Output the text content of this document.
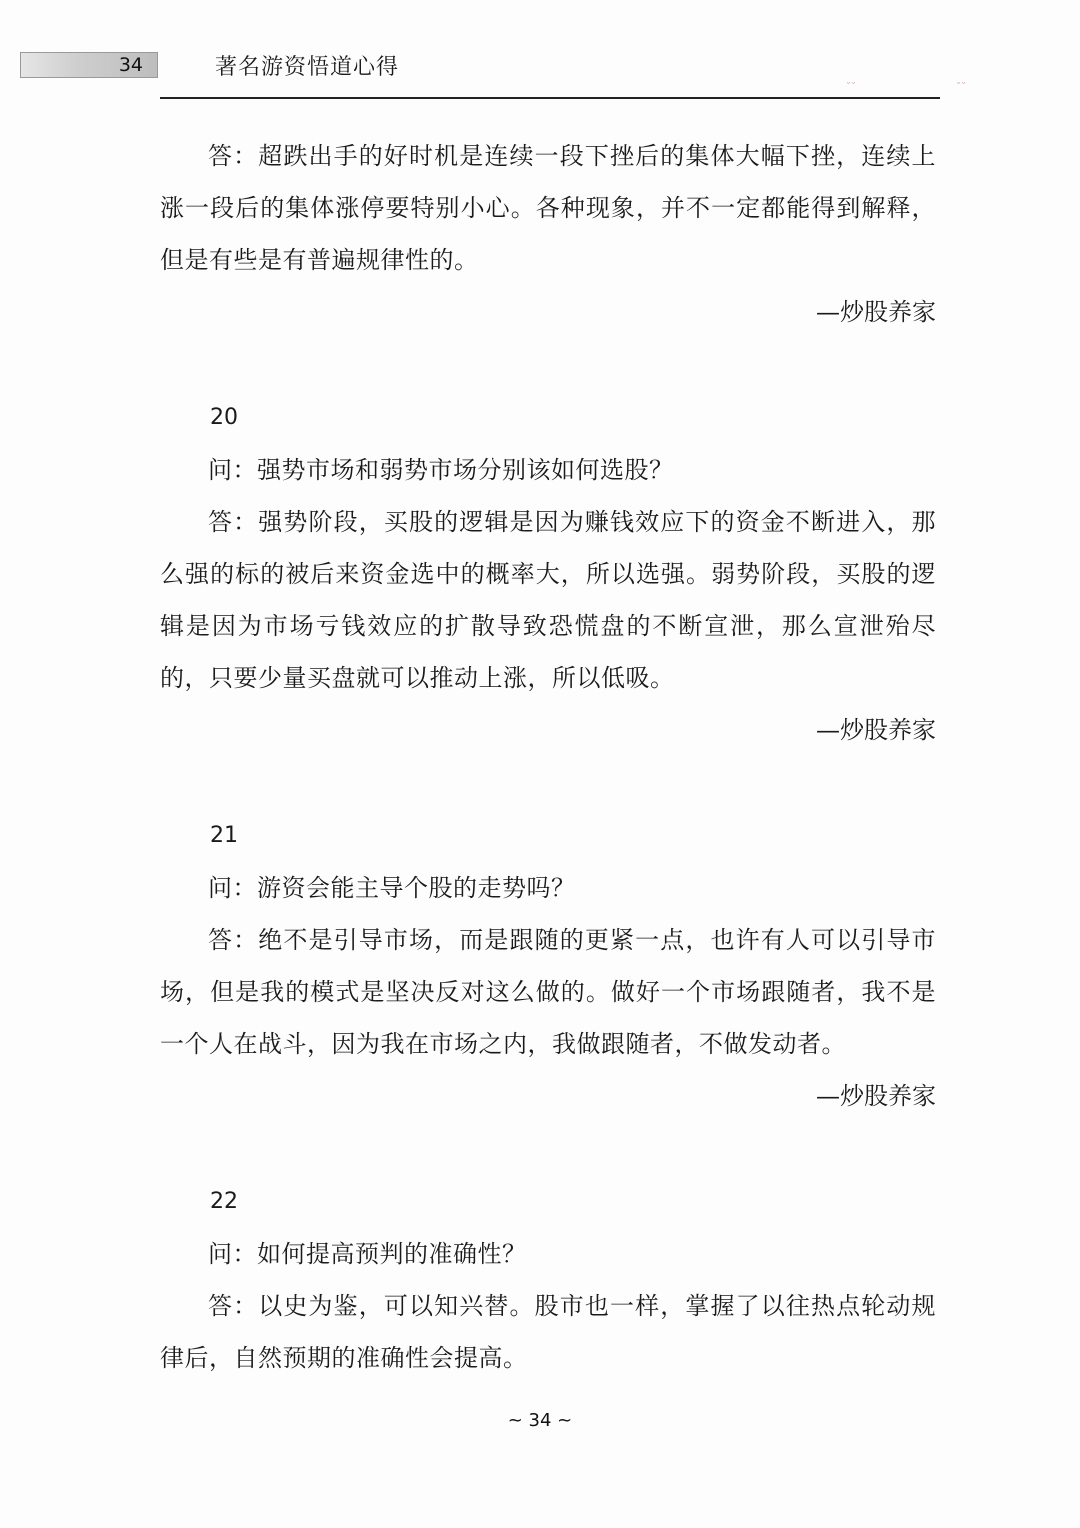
34	著名游资悟道心得
˘˘	˘˘

答：超跌出手的好时机是连续一段下挫后的集体大幅下挫，连续上涨一段后的集体涨停要特别小心。各种现象，并不一定都能得到解释，但是有些是有普遍规律性的。

—炒股养家

20

问：强势市场和弱势市场分别该如何选股？

答：强势阶段，买股的逻辑是因为赚钱效应下的资金不断进入，那么强的标的被后来资金选中的概率大，所以选强。弱势阶段，买股的逻辑是因为市场亏钱效应的扩散导致恐慌盘的不断宣泄，那么宣泄殆尽的，只要少量买盘就可以推动上涨，所以低吸。

—炒股养家

21

问：游资会能主导个股的走势吗？

答：绝不是引导市场，而是跟随的更紧一点，也许有人可以引导市场，但是我的模式是坚决反对这么做的。做好一个市场跟随者，我不是一个人在战斗，因为我在市场之内，我做跟随者，不做发动者。

—炒股养家

22

问：如何提高预判的准确性？

答：以史为鉴，可以知兴替。股市也一样，掌握了以往热点轮动规律后，自然预期的准确性会提高。

~ 34 ~
